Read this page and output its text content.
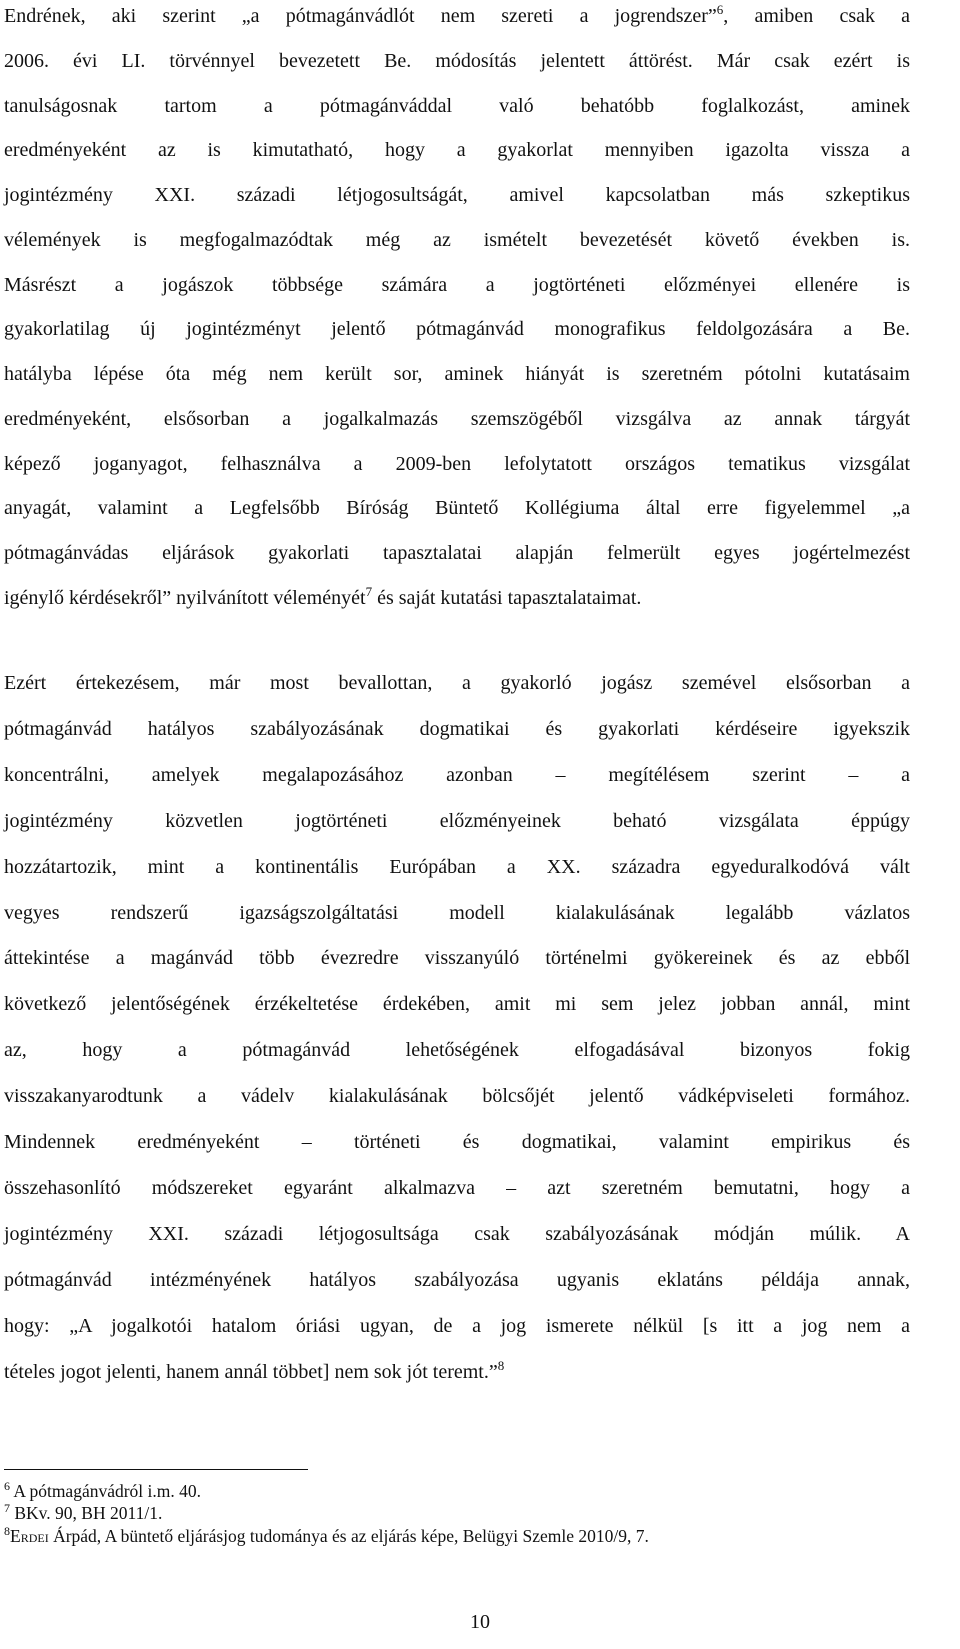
Endrének, aki szerint „a pótmagánvádlót nem szereti a jogrendszer”$^6$, amiben csak a
2006. évi LI. törvénnyel bevezetett Be. módosítás jelentett áttörést. Már csak ezért is
tanulságosnak tartom a pótmagánváddal való behatóbb foglalkozást, aminek
eredményeként az is kimutatható, hogy a gyakorlat mennyiben igazolta vissza a
jogintézmény XXI. századi létjogosultságát, amivel kapcsolatban más szkeptikus
vélemények is megfogalmazódtak még az ismételt bevezetését követő években is.
Másrészt a jogászok többsége számára a jogtörténeti előzményei ellenére is
gyakorlatilag új jogintézményt jelentő pótmagánvád monografikus feldolgozására a Be.
hatályba lépése óta még nem került sor, aminek hiányát is szeretném pótolni kutatásaim
eredményeként, elsősorban a jogalkalmazás szemszögéből vizsgálva az annak tárgyát
képező joganyagot, felhasználva a 2009-ben lefolytatott országos tematikus vizsgálat
anyagát, valamint a Legfelsőbb Bíróság Büntető Kollégiuma által erre figyelemmel „a
pótmagánvádas eljárások gyakorlati tapasztalatai alapján felmerült egyes jogértelmezést
igénylő kérdésekről” nyilvánított véleményét$^7$ és saját kutatási tapasztalataimat.
Ezért értekezésem, már most bevallottan, a gyakorló jogász szemével elsősorban a
pótmagánvád hatályos szabályozásának dogmatikai és gyakorlati kérdéseire igyekszik
koncentrálni, amelyek megalapozásához azonban – megítélésem szerint – a
jogintézmény közvetlen jogtörténeti előzményeinek beható vizsgálata éppúgy
hozzátartozik, mint a kontinentális Európában a XX. századra egyeduralkodóvá vált
vegyes rendszerű igazságszolgáltatási modell kialakulásának legalább vázlatos
áttekintése a magánvád több évezredre visszanyúló történelmi gyökereinek és az ebből
következő jelentőségének érzékeltetése érdekében, amit mi sem jelez jobban annál, mint
az, hogy a pótmagánvád lehetőségének elfogadásával bizonyos fokig
visszakanyarodtunk a vádelv kialakulásának bölcsőjét jelentő vádképviseleti formához.
Mindennek eredményeként – történeti és dogmatikai, valamint empirikus és
összehasonlító módszereket egyaránt alkalmazva – azt szeretném bemutatni, hogy a
jogintézmény XXI. századi létjogosultsága csak szabályozásának módján múlik. A
pótmagánvád intézményének hatályos szabályozása ugyanis eklatáns példája annak,
hogy: „A jogalkotói hatalom óriási ugyan, de a jog ismerete nélkül [s itt a jog nem a
tételes jogot jelenti, hanem annál többet] nem sok jót teremt.”$^8$
$^6$ A pótmagánvádról i.m. 40.
$^7$ BKv. 90, BH 2011/1.
$^8$Erdei Árpád, A büntető eljárásjog tudománya és az eljárás képe, Belügyi Szemle 2010/9, 7.
10
